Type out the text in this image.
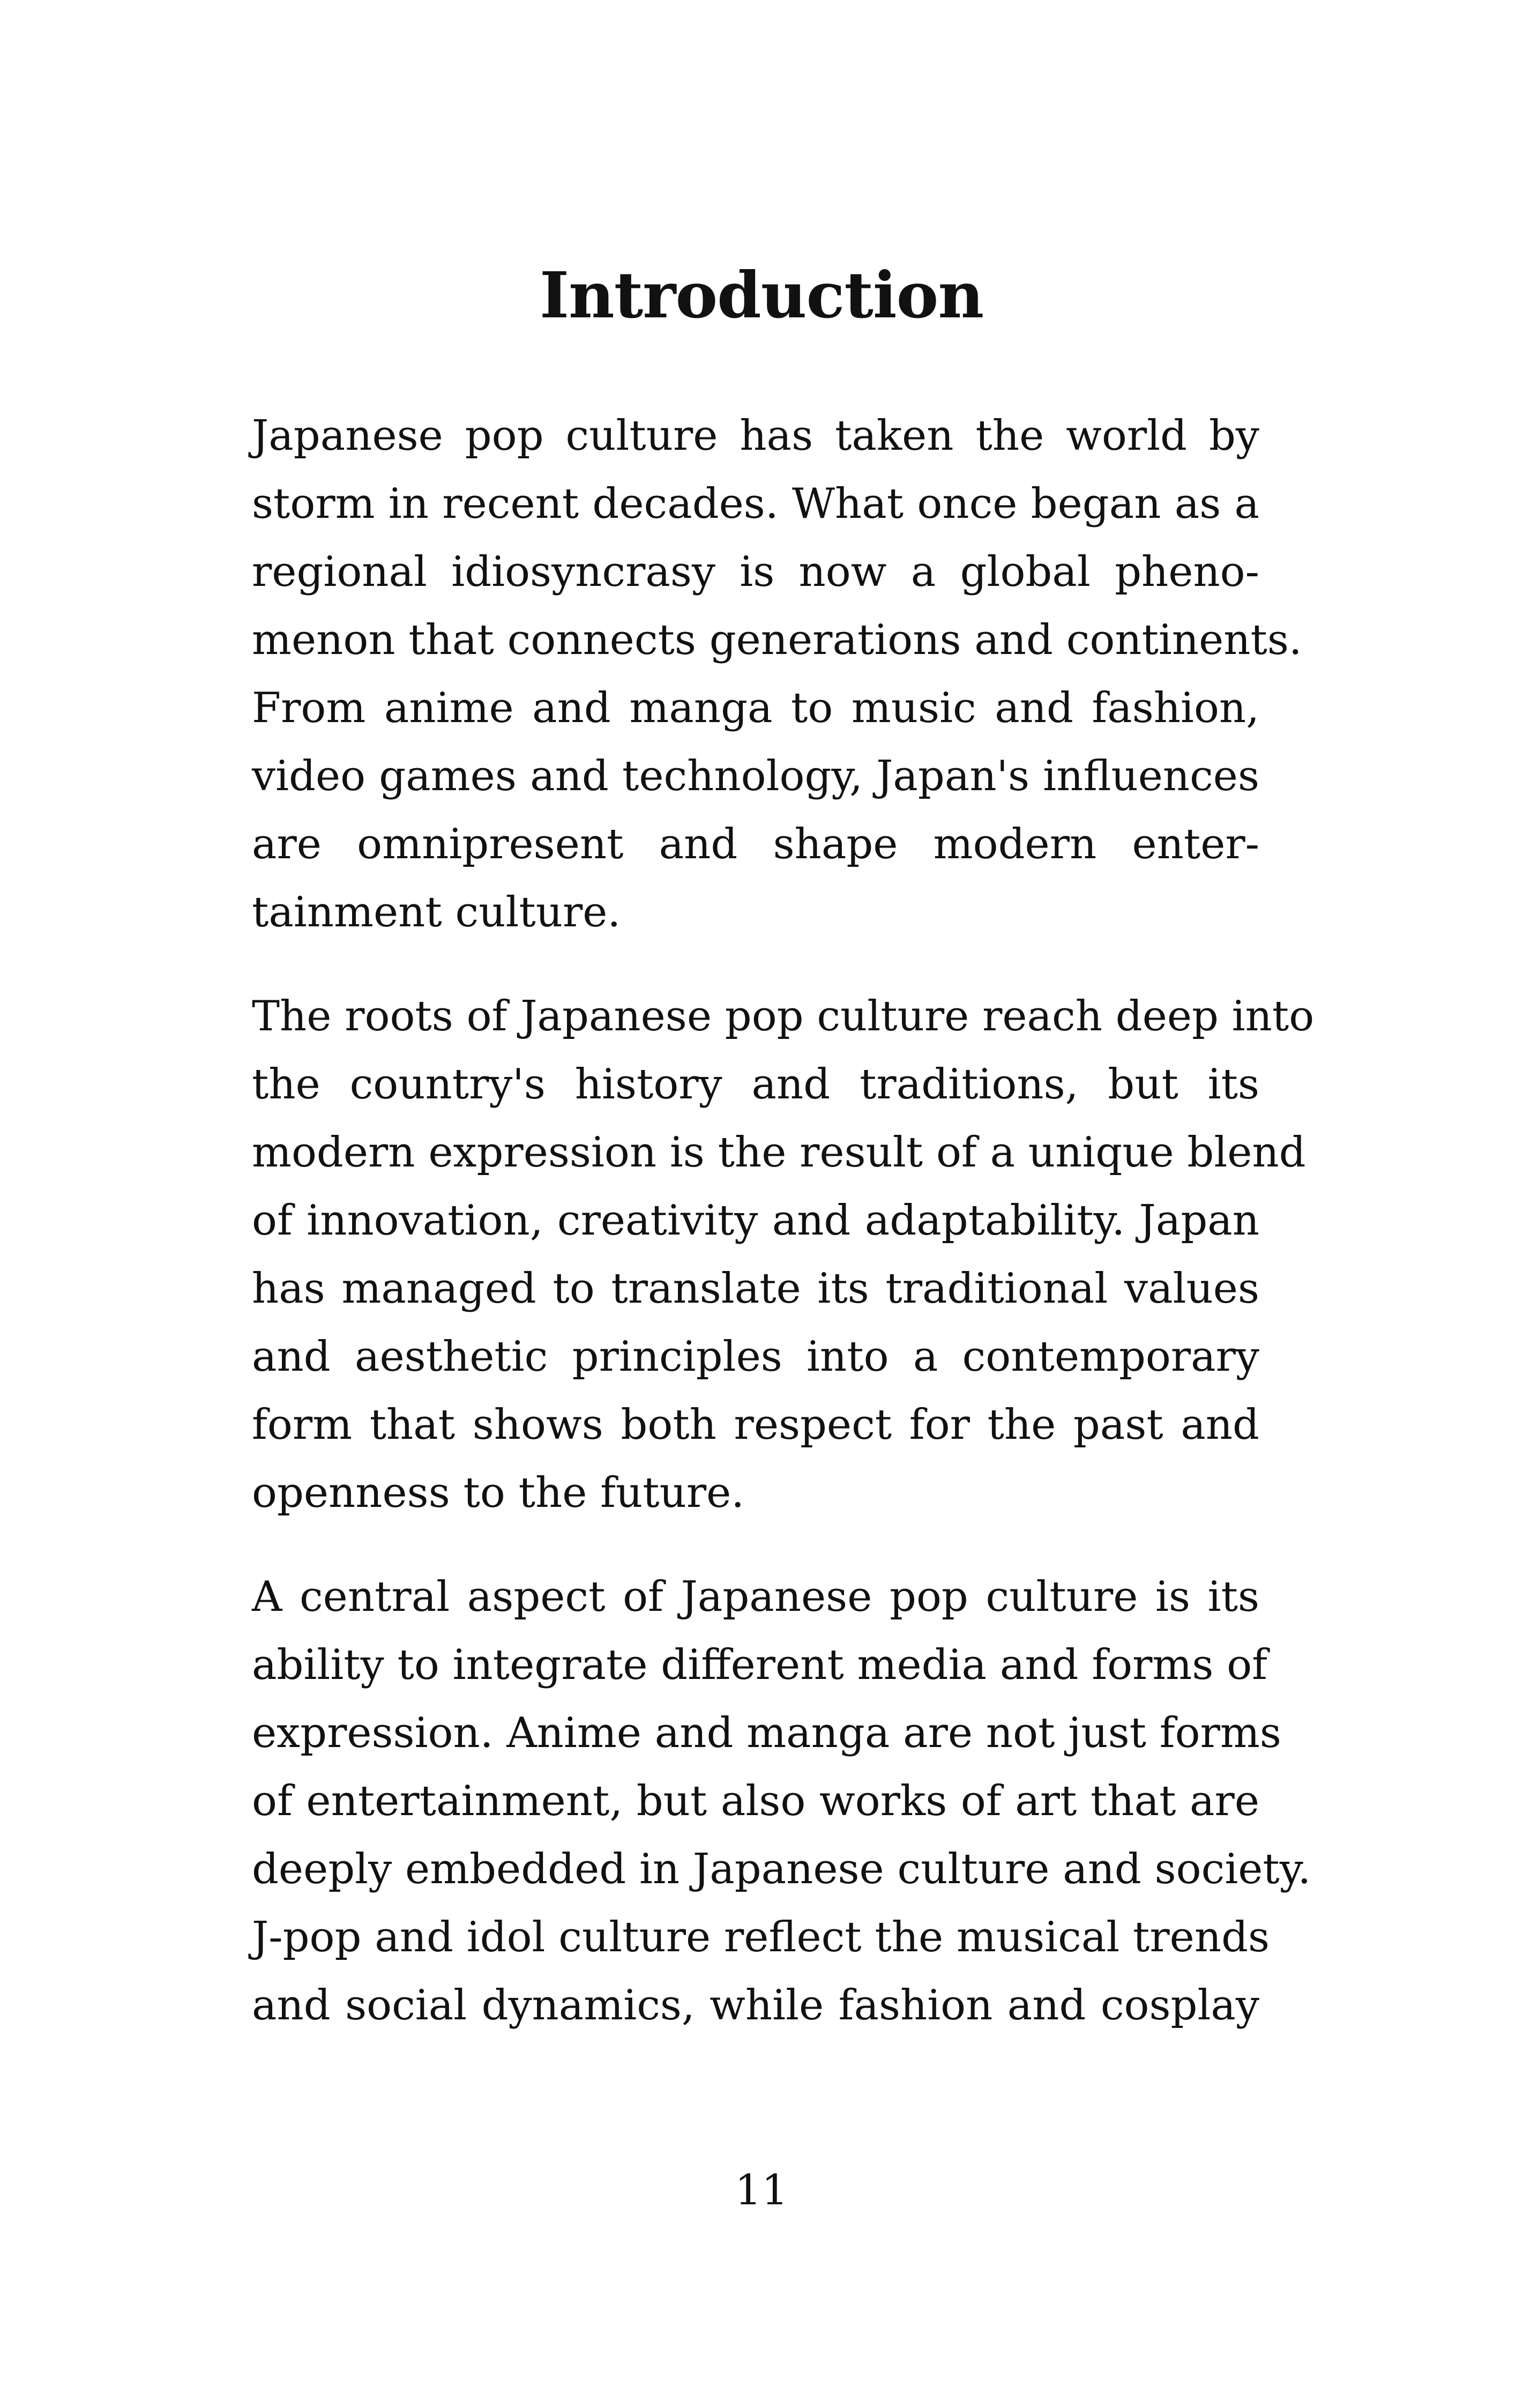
Introduction

Japanese pop culture has taken the world by
storm in recent decades. What once began as a
regional idiosyncrasy is now a global pheno-
menon that connects generations and continents.
From anime and manga to music and fashion,
video games and technology, Japan's influences
are omnipresent and shape modern enter-
tainment culture.

The roots of Japanese pop culture reach deep into
the country's history and traditions, but its
modern expression is the result of a unique blend
of innovation, creativity and adaptability. Japan
has managed to translate its traditional values
and aesthetic principles into a contemporary
form that shows both respect for the past and
openness to the future.

A central aspect of Japanese pop culture is its
ability to integrate different media and forms of
expression. Anime and manga are not just forms
of entertainment, but also works of art that are
deeply embedded in Japanese culture and society.
J-pop and idol culture reflect the musical trends
and social dynamics, while fashion and cosplay

11
